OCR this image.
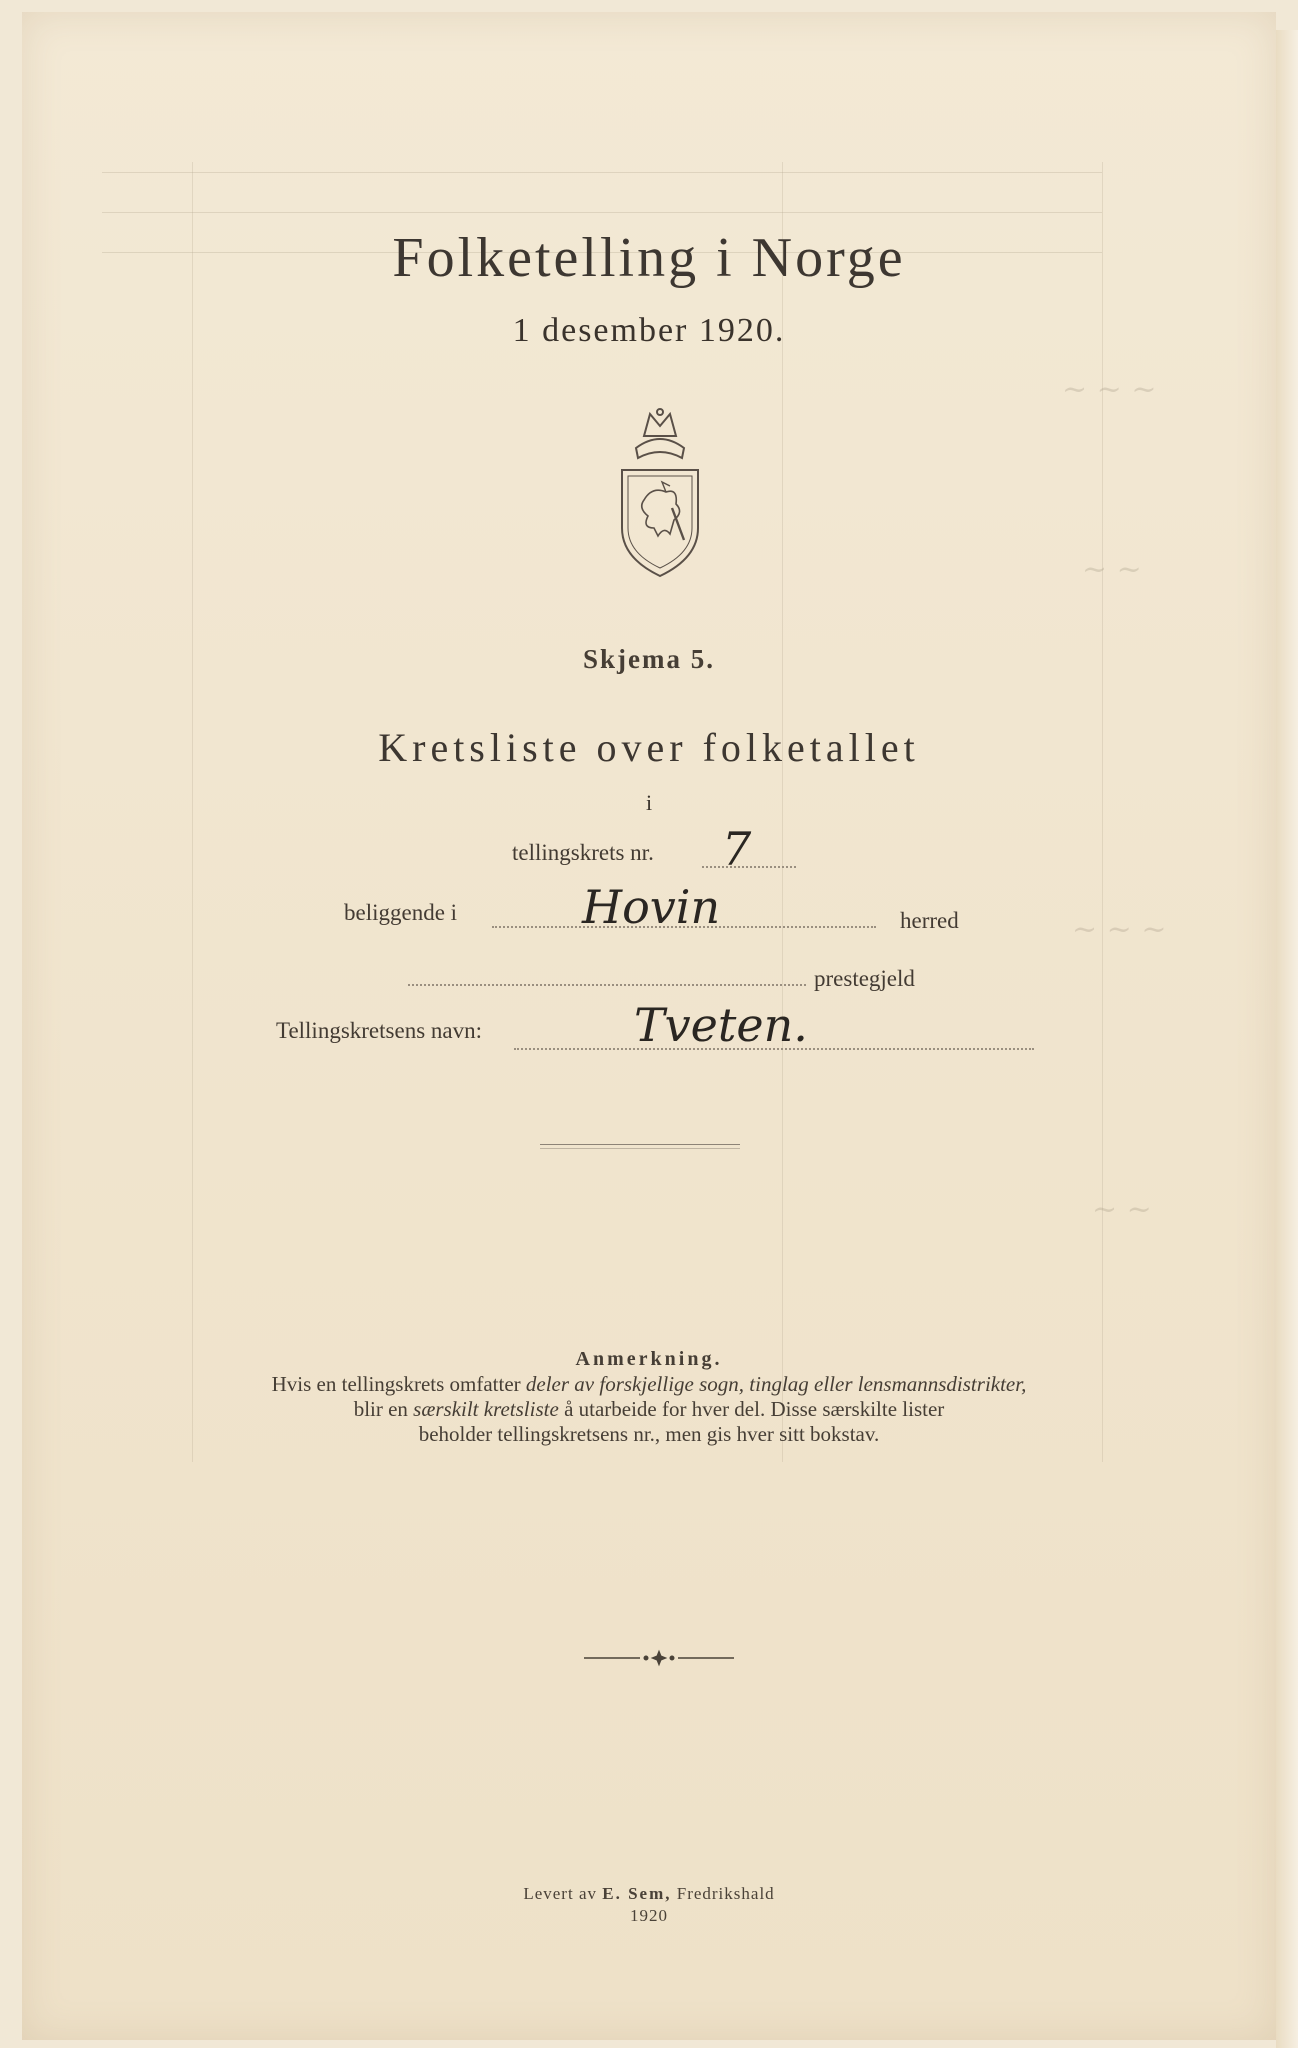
~ ~ ~
~ ~
~ ~ ~
~ ~
Folketelling i Norge
1 desember 1920.
Skjema 5.
Kretsliste over folketallet
i
tellingskrets nr. 7
beliggende i	Hovin	herred
prestegjeld
Tellingskretsens navn:	Tveten.
Anmerkning.
Hvis en tellingskrets omfatter deler av forskjellige sogn, tinglag eller lensmannsdistrikter,
blir en særskilt kretsliste å utarbeide for hver del. Disse særskilte lister
beholder tellingskretsens nr., men gis hver sitt bokstav.
Levert av E. Sem, Fredrikshald
1920
